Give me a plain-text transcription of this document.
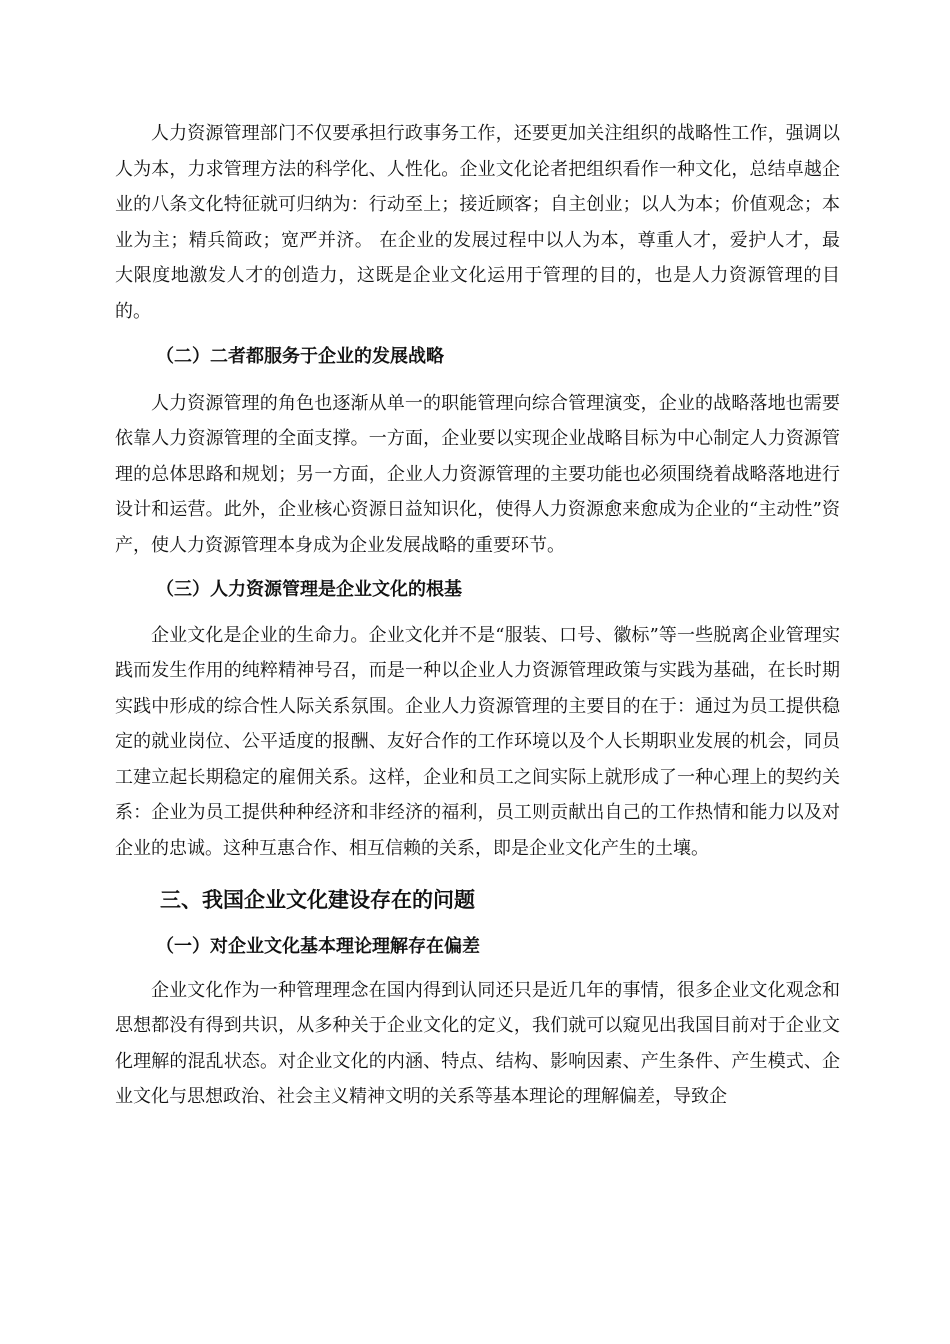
人力资源管理部门不仅要承担行政事务工作，还要更加关注组织的战略性工作，强调以人为本，力求管理方法的科学化、人性化。企业文化论者把组织看作一种文化，总结卓越企业的八条文化特征就可归纳为：行动至上；接近顾客；自主创业；以人为本；价值观念；本业为主；精兵简政；宽严并济。 在企业的发展过程中以人为本，尊重人才，爱护人才，最大限度地激发人才的创造力，这既是企业文化运用于管理的目的，也是人力资源管理的目的。

（二）二者都服务于企业的发展战略

人力资源管理的角色也逐渐从单一的职能管理向综合管理演变，企业的战略落地也需要依靠人力资源管理的全面支撑。一方面，企业要以实现企业战略目标为中心制定人力资源管理的总体思路和规划；另一方面，企业人力资源管理的主要功能也必须围绕着战略落地进行设计和运营。此外，企业核心资源日益知识化，使得人力资源愈来愈成为企业的“主动性”资产，使人力资源管理本身成为企业发展战略的重要环节。

（三）人力资源管理是企业文化的根基

企业文化是企业的生命力。企业文化并不是“服装、口号、徽标”等一些脱离企业管理实践而发生作用的纯粹精神号召，而是一种以企业人力资源管理政策与实践为基础，在长时期实践中形成的综合性人际关系氛围。企业人力资源管理的主要目的在于：通过为员工提供稳定的就业岗位、公平适度的报酬、友好合作的工作环境以及个人长期职业发展的机会，同员工建立起长期稳定的雇佣关系。这样，企业和员工之间实际上就形成了一种心理上的契约关系：企业为员工提供种种经济和非经济的福利，员工则贡献出自己的工作热情和能力以及对企业的忠诚。这种互惠合作、相互信赖的关系，即是企业文化产生的土壤。

三、我国企业文化建设存在的问题
（一）对企业文化基本理论理解存在偏差

企业文化作为一种管理理念在国内得到认同还只是近几年的事情，很多企业文化观念和思想都没有得到共识，从多种关于企业文化的定义，我们就可以窥见出我国目前对于企业文化理解的混乱状态。对企业文化的内涵、特点、结构、影响因素、产生条件、产生模式、企业文化与思想政治、社会主义精神文明的关系等基本理论的理解偏差，导致企
